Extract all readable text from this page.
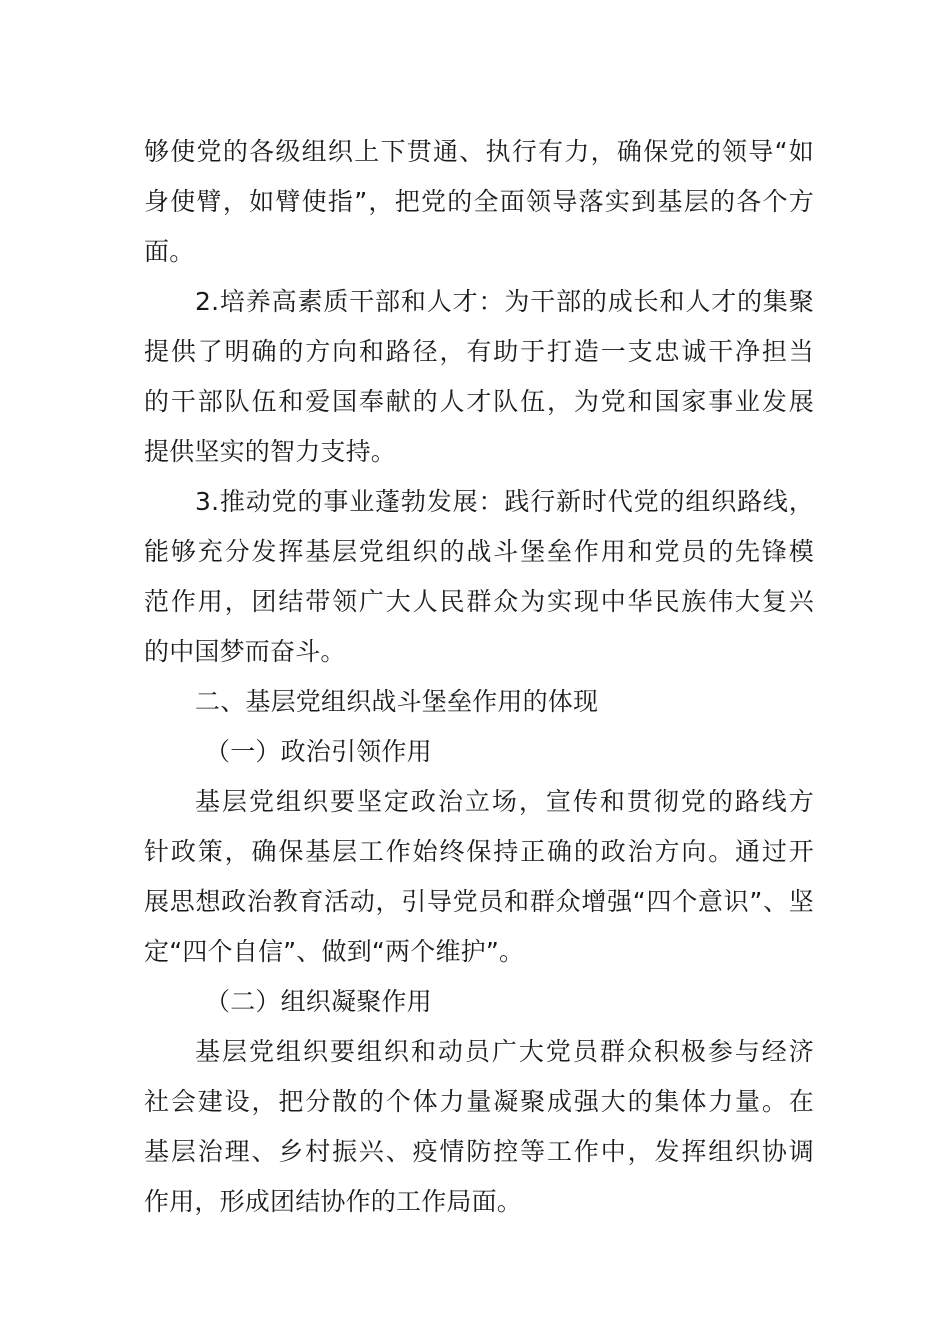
够使党的各级组织上下贯通、执行有力，确保党的领导“如
身使臂，如臂使指”，把党的全面领导落实到基层的各个方
面。
2.培养高素质干部和人才：为干部的成长和人才的集聚
提供了明确的方向和路径，有助于打造一支忠诚干净担当
的干部队伍和爱国奉献的人才队伍，为党和国家事业发展
提供坚实的智力支持。
3.推动党的事业蓬勃发展：践行新时代党的组织路线，
能够充分发挥基层党组织的战斗堡垒作用和党员的先锋模
范作用，团结带领广大人民群众为实现中华民族伟大复兴
的中国梦而奋斗。
二、基层党组织战斗堡垒作用的体现
（一）政治引领作用
基层党组织要坚定政治立场，宣传和贯彻党的路线方
针政策，确保基层工作始终保持正确的政治方向。通过开
展思想政治教育活动，引导党员和群众增强“四个意识”、坚
定“四个自信”、做到“两个维护”。
（二）组织凝聚作用
基层党组织要组织和动员广大党员群众积极参与经济
社会建设，把分散的个体力量凝聚成强大的集体力量。在
基层治理、乡村振兴、疫情防控等工作中，发挥组织协调
作用，形成团结协作的工作局面。
